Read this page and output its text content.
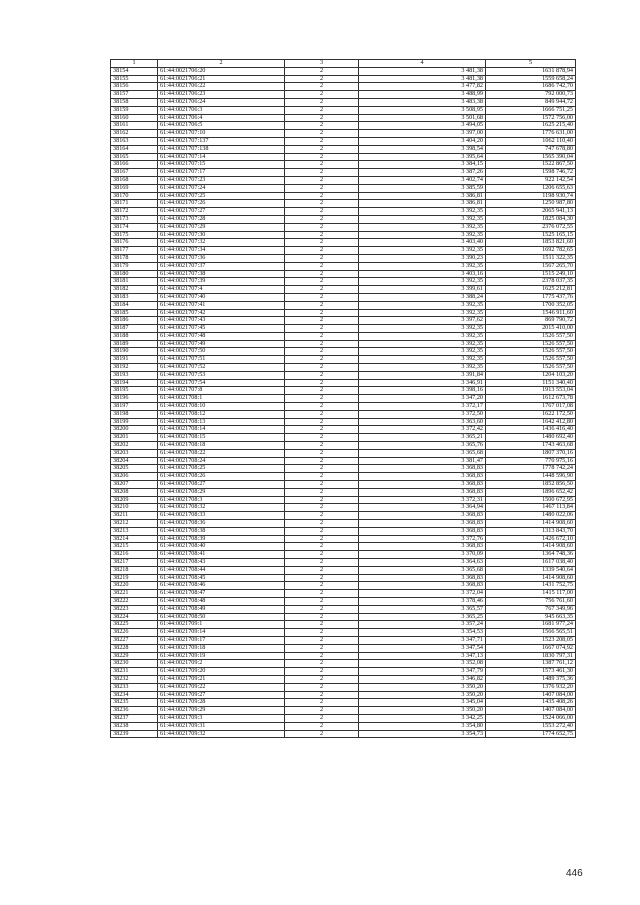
1	2	3	4	5
38154	61:44:0021706:20	2	3 481,38	1631 878,94
38155	61:44:0021706:21	2	3 481,38	1559 658,24
38156	61:44:0021706:22	2	3 477,82	1686 742,70
38157	61:44:0021706:23	2	3 488,99	792 000,73
38158	61:44:0021706:24	2	3 483,38	849 944,72
38159	61:44:0021706:3	2	3 508,95	1666 751,25
38160	61:44:0021706:4	2	3 501,68	1572 756,00
38161	61:44:0021706:5	2	3 494,05	1625 215,40
38162	61:44:0021707:10	2	3 397,00	1776 631,00
38163	61:44:0021707:137	2	3 404,20	1062 110,40
38164	61:44:0021707:138	2	3 398,54	747 678,80
38165	61:44:0021707:14	2	3 395,64	1565 390,04
38166	61:44:0021707:15	2	3 384,15	1522 867,50
38167	61:44:0021707:17	2	3 387,26	1598 746,72
38168	61:44:0021707:23	2	3 402,74	922 142,54
38169	61:44:0021707:24	2	3 385,59	1206 655,63
38170	61:44:0021707:25	2	3 386,81	1198 930,74
38171	61:44:0021707:26	2	3 386,81	1250 987,80
38172	61:44:0021707:27	2	3 392,35	2065 941,13
38173	61:44:0021707:28	2	3 392,35	1825 084,30
38174	61:44:0021707:29	2	3 392,35	2376 072,55
38175	61:44:0021707:30	2	3 392,35	1525 165,15
38176	61:44:0021707:32	2	3 403,40	1853 821,60
38177	61:44:0021707:34	2	3 392,35	1692 782,65
38178	61:44:0021707:36	2	3 390,23	1511 322,35
38179	61:44:0021707:37	2	3 392,35	1567 265,70
38180	61:44:0021707:38	2	3 403,16	1515 249,10
38181	61:44:0021707:39	2	3 392,35	2378 037,35
38182	61:44:0021707:4	2	3 399,61	1625 212,81
38183	61:44:0021707:40	2	3 388,24	1775 437,76
38184	61:44:0021707:41	2	3 392,35	1700 352,05
38185	61:44:0021707:42	2	3 392,35	1546 911,60
38186	61:44:0021707:43	2	3 397,62	869 790,72
38187	61:44:0021707:45	2	3 392,35	2015 410,00
38188	61:44:0021707:48	2	3 392,35	1526 557,50
38189	61:44:0021707:49	2	3 392,35	1526 557,50
38190	61:44:0021707:50	2	3 392,35	1526 557,50
38191	61:44:0021707:51	2	3 392,35	1526 557,50
38192	61:44:0021707:52	2	3 392,35	1526 557,50
38193	61:44:0021707:53	2	3 391,84	1204 103,20
38194	61:44:0021707:54	2	3 346,91	1151 340,40
38195	61:44:0021707:8	2	3 398,16	1913 553,04
38196	61:44:0021708:1	2	3 347,20	1612 673,78
38197	61:44:0021708:10	2	3 372,17	1767 017,08
38198	61:44:0021708:12	2	3 372,50	1622 172,50
38199	61:44:0021708:13	2	3 363,60	1642 412,80
38200	61:44:0021708:14	2	3 372,42	1436 416,40
38201	61:44:0021708:15	2	3 365,21	1480 692,40
38202	61:44:0021708:18	2	3 365,76	1743 463,68
38203	61:44:0021708:22	2	3 365,68	1807 370,16
38204	61:44:0021708:24	2	3 381,47	770 975,16
38205	61:44:0021708:25	2	3 368,83	1778 742,24
38206	61:44:0021708:26	2	3 368,83	1448 596,90
38207	61:44:0021708:27	2	3 368,83	1852 856,50
38208	61:44:0021708:29	2	3 368,83	1896 652,42
38209	61:44:0021708:3	2	3 372,31	1500 672,95
38210	61:44:0021708:32	2	3 364,94	1467 113,84
38211	61:44:0021708:33	2	3 368,83	1480 022,06
38212	61:44:0021708:36	2	3 368,83	1414 908,60
38213	61:44:0021708:38	2	3 368,83	1313 843,70
38214	61:44:0021708:39	2	3 372,76	1426 672,10
38215	61:44:0021708:40	2	3 368,83	1414 908,60
38216	61:44:0021708:41	2	3 370,09	1364 748,36
38217	61:44:0021708:43	2	3 364,63	1617 038,40
38218	61:44:0021708:44	2	3 365,68	1339 540,64
38219	61:44:0021708:45	2	3 368,83	1414 908,60
38220	61:44:0021708:46	2	3 368,83	1431 752,75
38221	61:44:0021708:47	2	3 372,04	1415 117,00
38222	61:44:0021708:48	2	3 378,46	756 761,60
38223	61:44:0021708:49	2	3 365,57	767 349,96
38224	61:44:0021708:50	2	3 365,25	945 663,35
38225	61:44:0021709:1	2	3 357,24	1681 977,24
38226	61:44:0021709:14	2	3 354,53	1566 565,51
38227	61:44:0021709:17	2	3 347,71	1523 208,05
38228	61:44:0021709:18	2	3 347,54	1667 074,92
38229	61:44:0021709:19	2	3 347,13	1830 797,31
38230	61:44:0021709:2	2	3 352,08	1387 761,12
38231	61:44:0021709:20	2	3 347,79	1573 461,30
38232	61:44:0021709:21	2	3 346,82	1489 375,36
38233	61:44:0021709:22	2	3 350,20	1376 932,20
38234	61:44:0021709:27	2	3 350,20	1407 084,00
38235	61:44:0021709:28	2	3 345,04	1435 408,26
38236	61:44:0021709:29	2	3 350,20	1407 084,00
38237	61:44:0021709:3	2	3 342,25	1524 066,00
38238	61:44:0021709:31	2	3 354,80	1553 272,40
38239	61:44:0021709:32	2	3 354,73	1774 652,75
446
